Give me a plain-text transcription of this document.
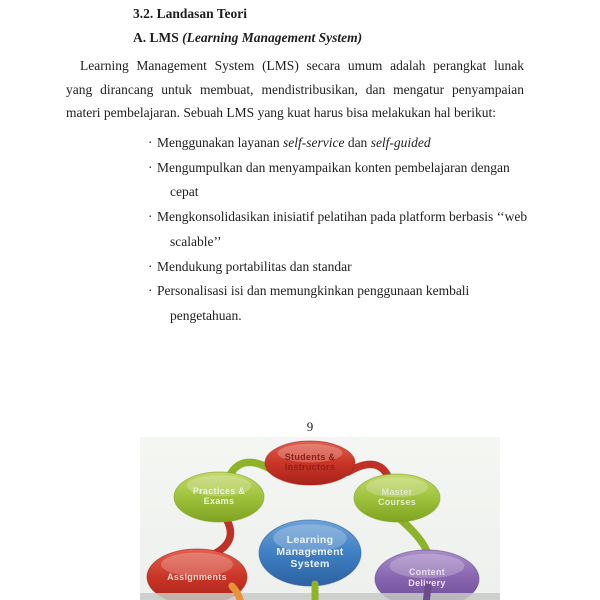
3.2. Landasan Teori
A. LMS (Learning Management System)
Learning Management System (LMS) secara umum adalah perangkat lunak
yang dirancang untuk membuat, mendistribusikan, dan mengatur penyampaian
materi pembelajaran. Sebuah LMS yang kuat harus bisa melakukan hal berikut:
· Menggunakan layanan self-service dan self-guided
· Mengumpulkan dan menyampaikan konten pembelajaran dengan
cepat
· Mengkonsolidasikan inisiatif pelatihan pada platform berbasis ‘‘web
scalable’’
· Mendukung portabilitas dan standar
· Personalisasi isi dan memungkinkan penggunaan kembali
pengetahuan.
9
Students & Instructors
Practices & Exams
Master Courses
Learning Management System
Assignments	Content Delivery
